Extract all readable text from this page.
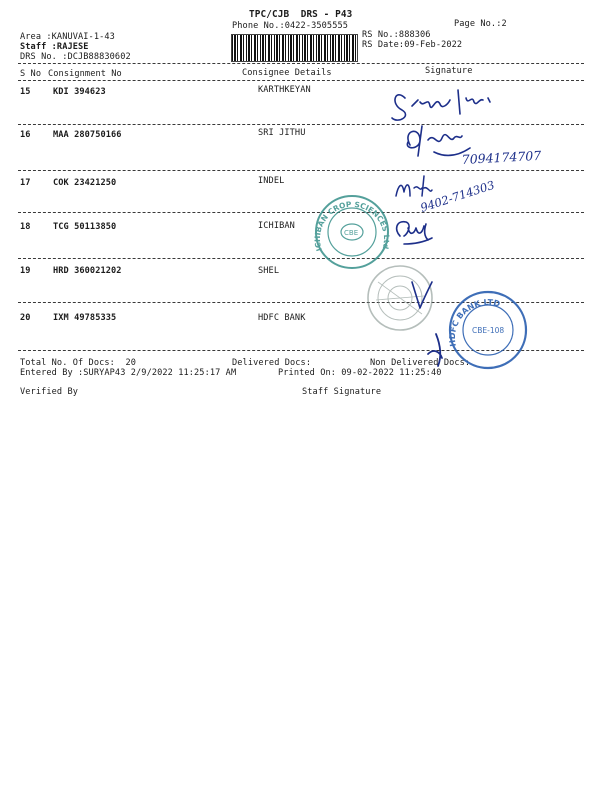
TPC/CJB  DRS - P43
Phone No.:0422-3505555	Page No.:2
Area :KANUVAI-1-43
Staff :RAJESE
DRS No. :DCJB88830602
RS No.:888306
RS Date:09-Feb-2022
S No Consignment No	Consignee Details	Signature
15	KDI 394623	KARTHKEYAN
16	MAA 280750166	SRI JITHU
17	COK 23421250	INDEL
18	TCG 50113850	ICHIBAN
19	HRD 360021202	SHEL
20	IXM 49785335	HDFC BANK
Total No. Of Docs:  20	Delivered Docs:	Non Delivered Docs:
Entered By :SURYAP43 2/9/2022 11:25:17 AM	Printed On: 09-02-2022 11:25:40
Verified By	Staff Signature
7094174707
9402-714303
ICHIBAN CROP SCIENCES Ltd
CBE
HDFC BANK LTD
CBE-108
